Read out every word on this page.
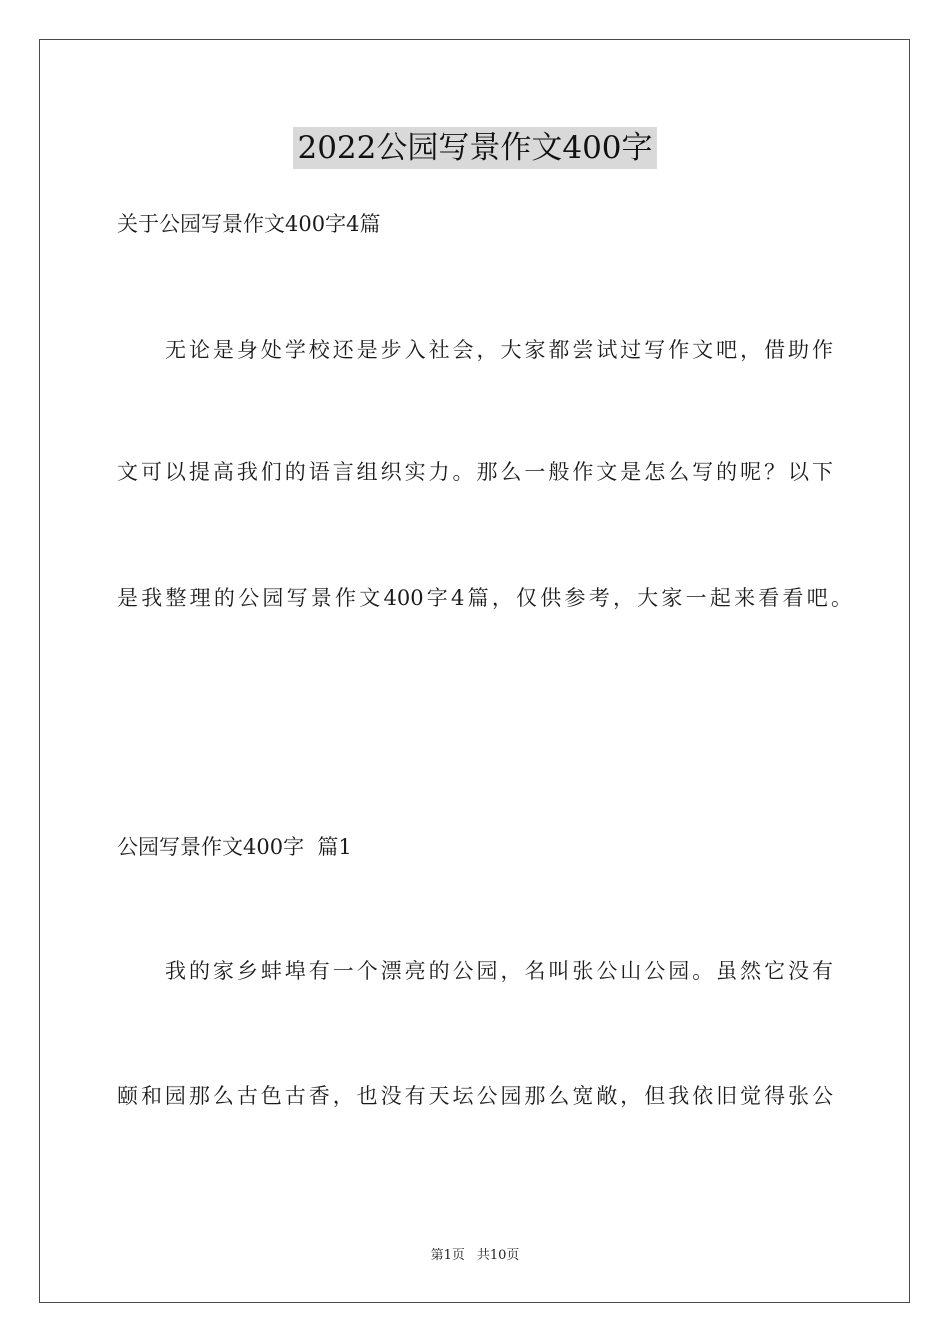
2022公园写景作文400字
关于公园写景作文400字4篇
无论是身处学校还是步入社会，大家都尝试过写作文吧，借助作
文可以提高我们的语言组织实力。那么一般作文是怎么写的呢？以下
是我整理的公园写景作文400字4篇，仅供参考，大家一起来看看吧。
公园写景作文400字  篇1
我的家乡蚌埠有一个漂亮的公园，名叫张公山公园。虽然它没有
颐和园那么古色古香，也没有天坛公园那么宽敞，但我依旧觉得张公
第1页 共10页
